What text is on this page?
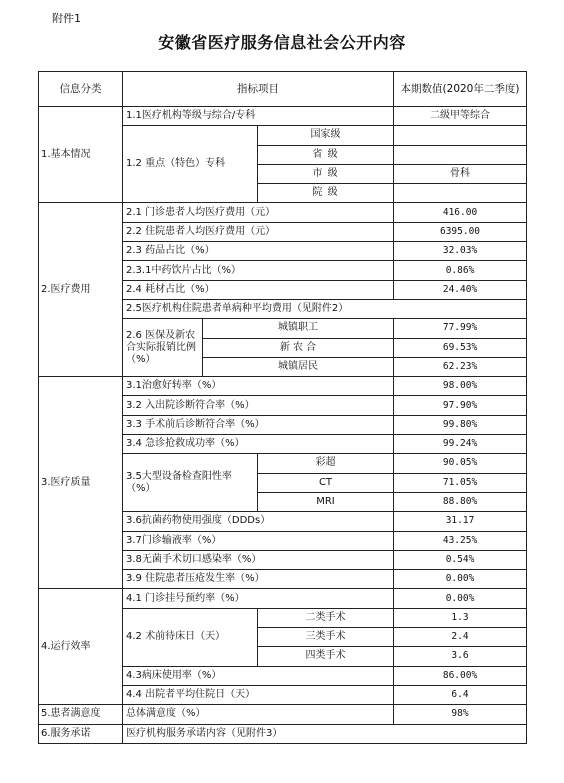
附件1
安徽省医疗服务信息社会公开内容
信息分类	指标项目			本期数值(2020年二季度)
1.基本情况	1.1医疗机构等级与综合/专科			二级甲等综合
	1.2 重点（特色）专科		国家级	
			省 级	
			市 级	骨科
			院 级	
2.医疗费用	2.1 门诊患者人均医疗费用（元）			416.00
	2.2 住院患者人均医疗费用（元）			6395.00
	2.3 药品占比（%）			32.03%
	2.3.1中药饮片占比（%）			0.86%
	2.4 耗材占比（%）			24.40%
	2.5医疗机构住院患者单病种平均费用（见附件2）			
	2.6 医保及新农合实际报销比例（%）	城镇职工		77.99%
		新 农 合		69.53%
		城镇居民		62.23%
3.医疗质量	3.1治愈好转率（%）			98.00%
	3.2 入出院诊断符合率（%）			97.90%
	3.3 手术前后诊断符合率（%）			99.80%
	3.4 急诊抢救成功率（%）			99.24%
	3.5大型设备检查阳性率（%）		彩超	90.05%
			CT	71.05%
			MRI	88.80%
	3.6抗菌药物使用强度（DDDs）			31.17
	3.7门诊输液率（%）			43.25%
	3.8无菌手术切口感染率（%）			0.54%
	3.9 住院患者压疮发生率（%）			0.00%
4.运行效率	4.1 门诊挂号预约率（%）			0.00%
	4.2 术前待床日（天）		二类手术	1.3
			三类手术	2.4
			四类手术	3.6
	4.3病床使用率（%）			86.00%
	4.4 出院者平均住院日（天）			6.4
5.患者满意度	总体满意度（%）			98%
6.服务承诺	医疗机构服务承诺内容（见附件3）			
